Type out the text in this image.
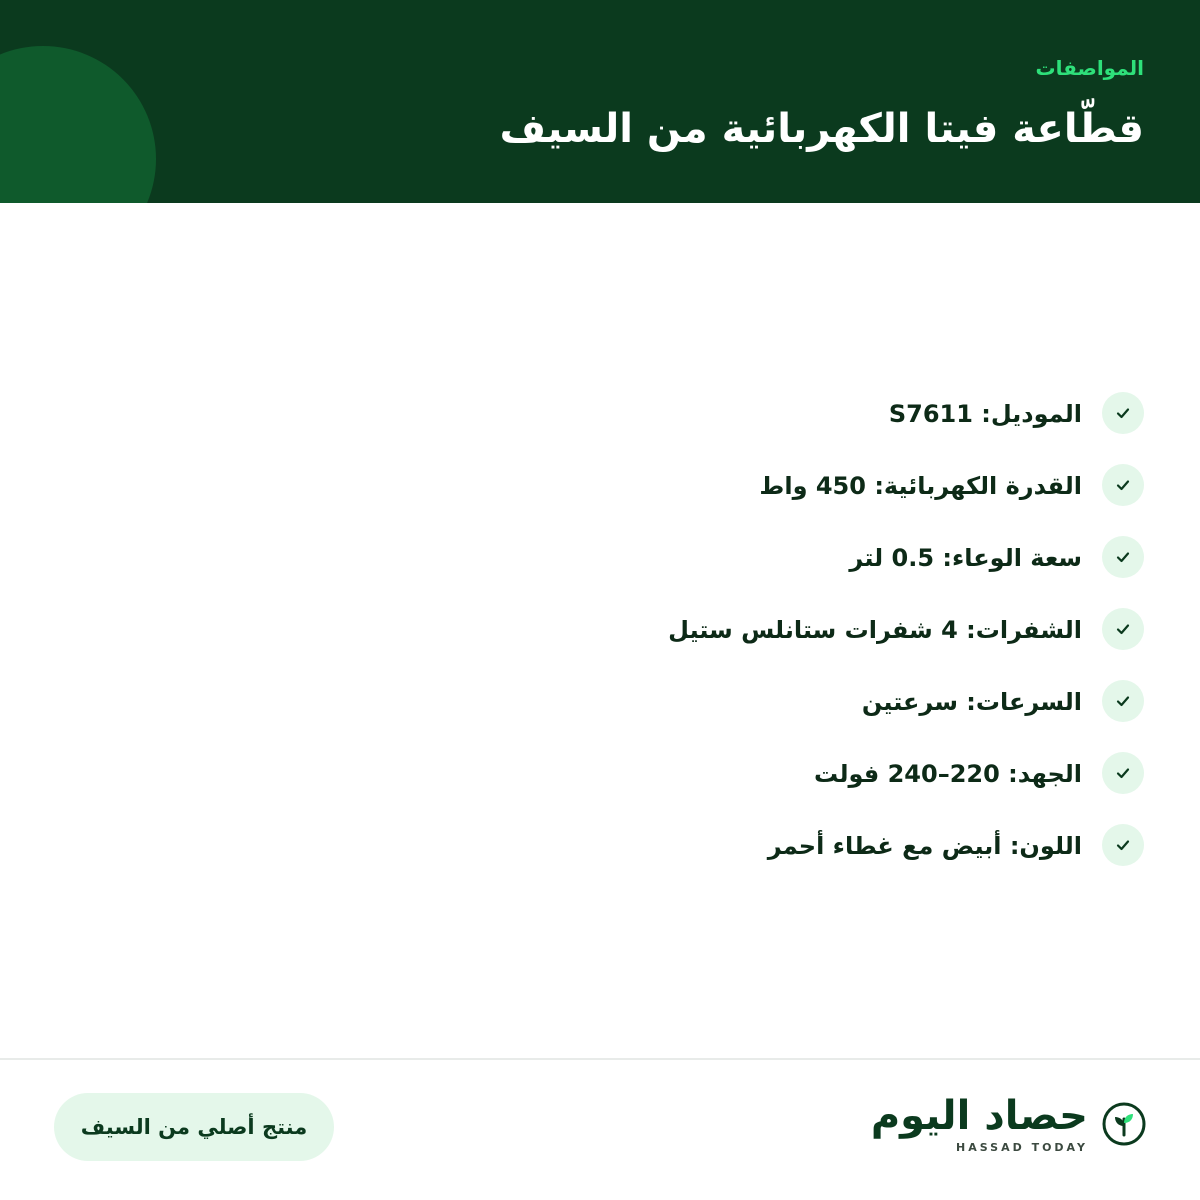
المواصفات
قطّاعة فيتا الكهربائية من السيف
الموديل: S7611
القدرة الكهربائية: 450 واط
سعة الوعاء: 0.5 لتر
الشفرات: 4 شفرات ستانلس ستيل
السرعات: سرعتين
الجهد: 220–240 فولت
اللون: أبيض مع غطاء أحمر
حصاد اليوم
HASSAD TODAY
منتج أصلي من السيف
